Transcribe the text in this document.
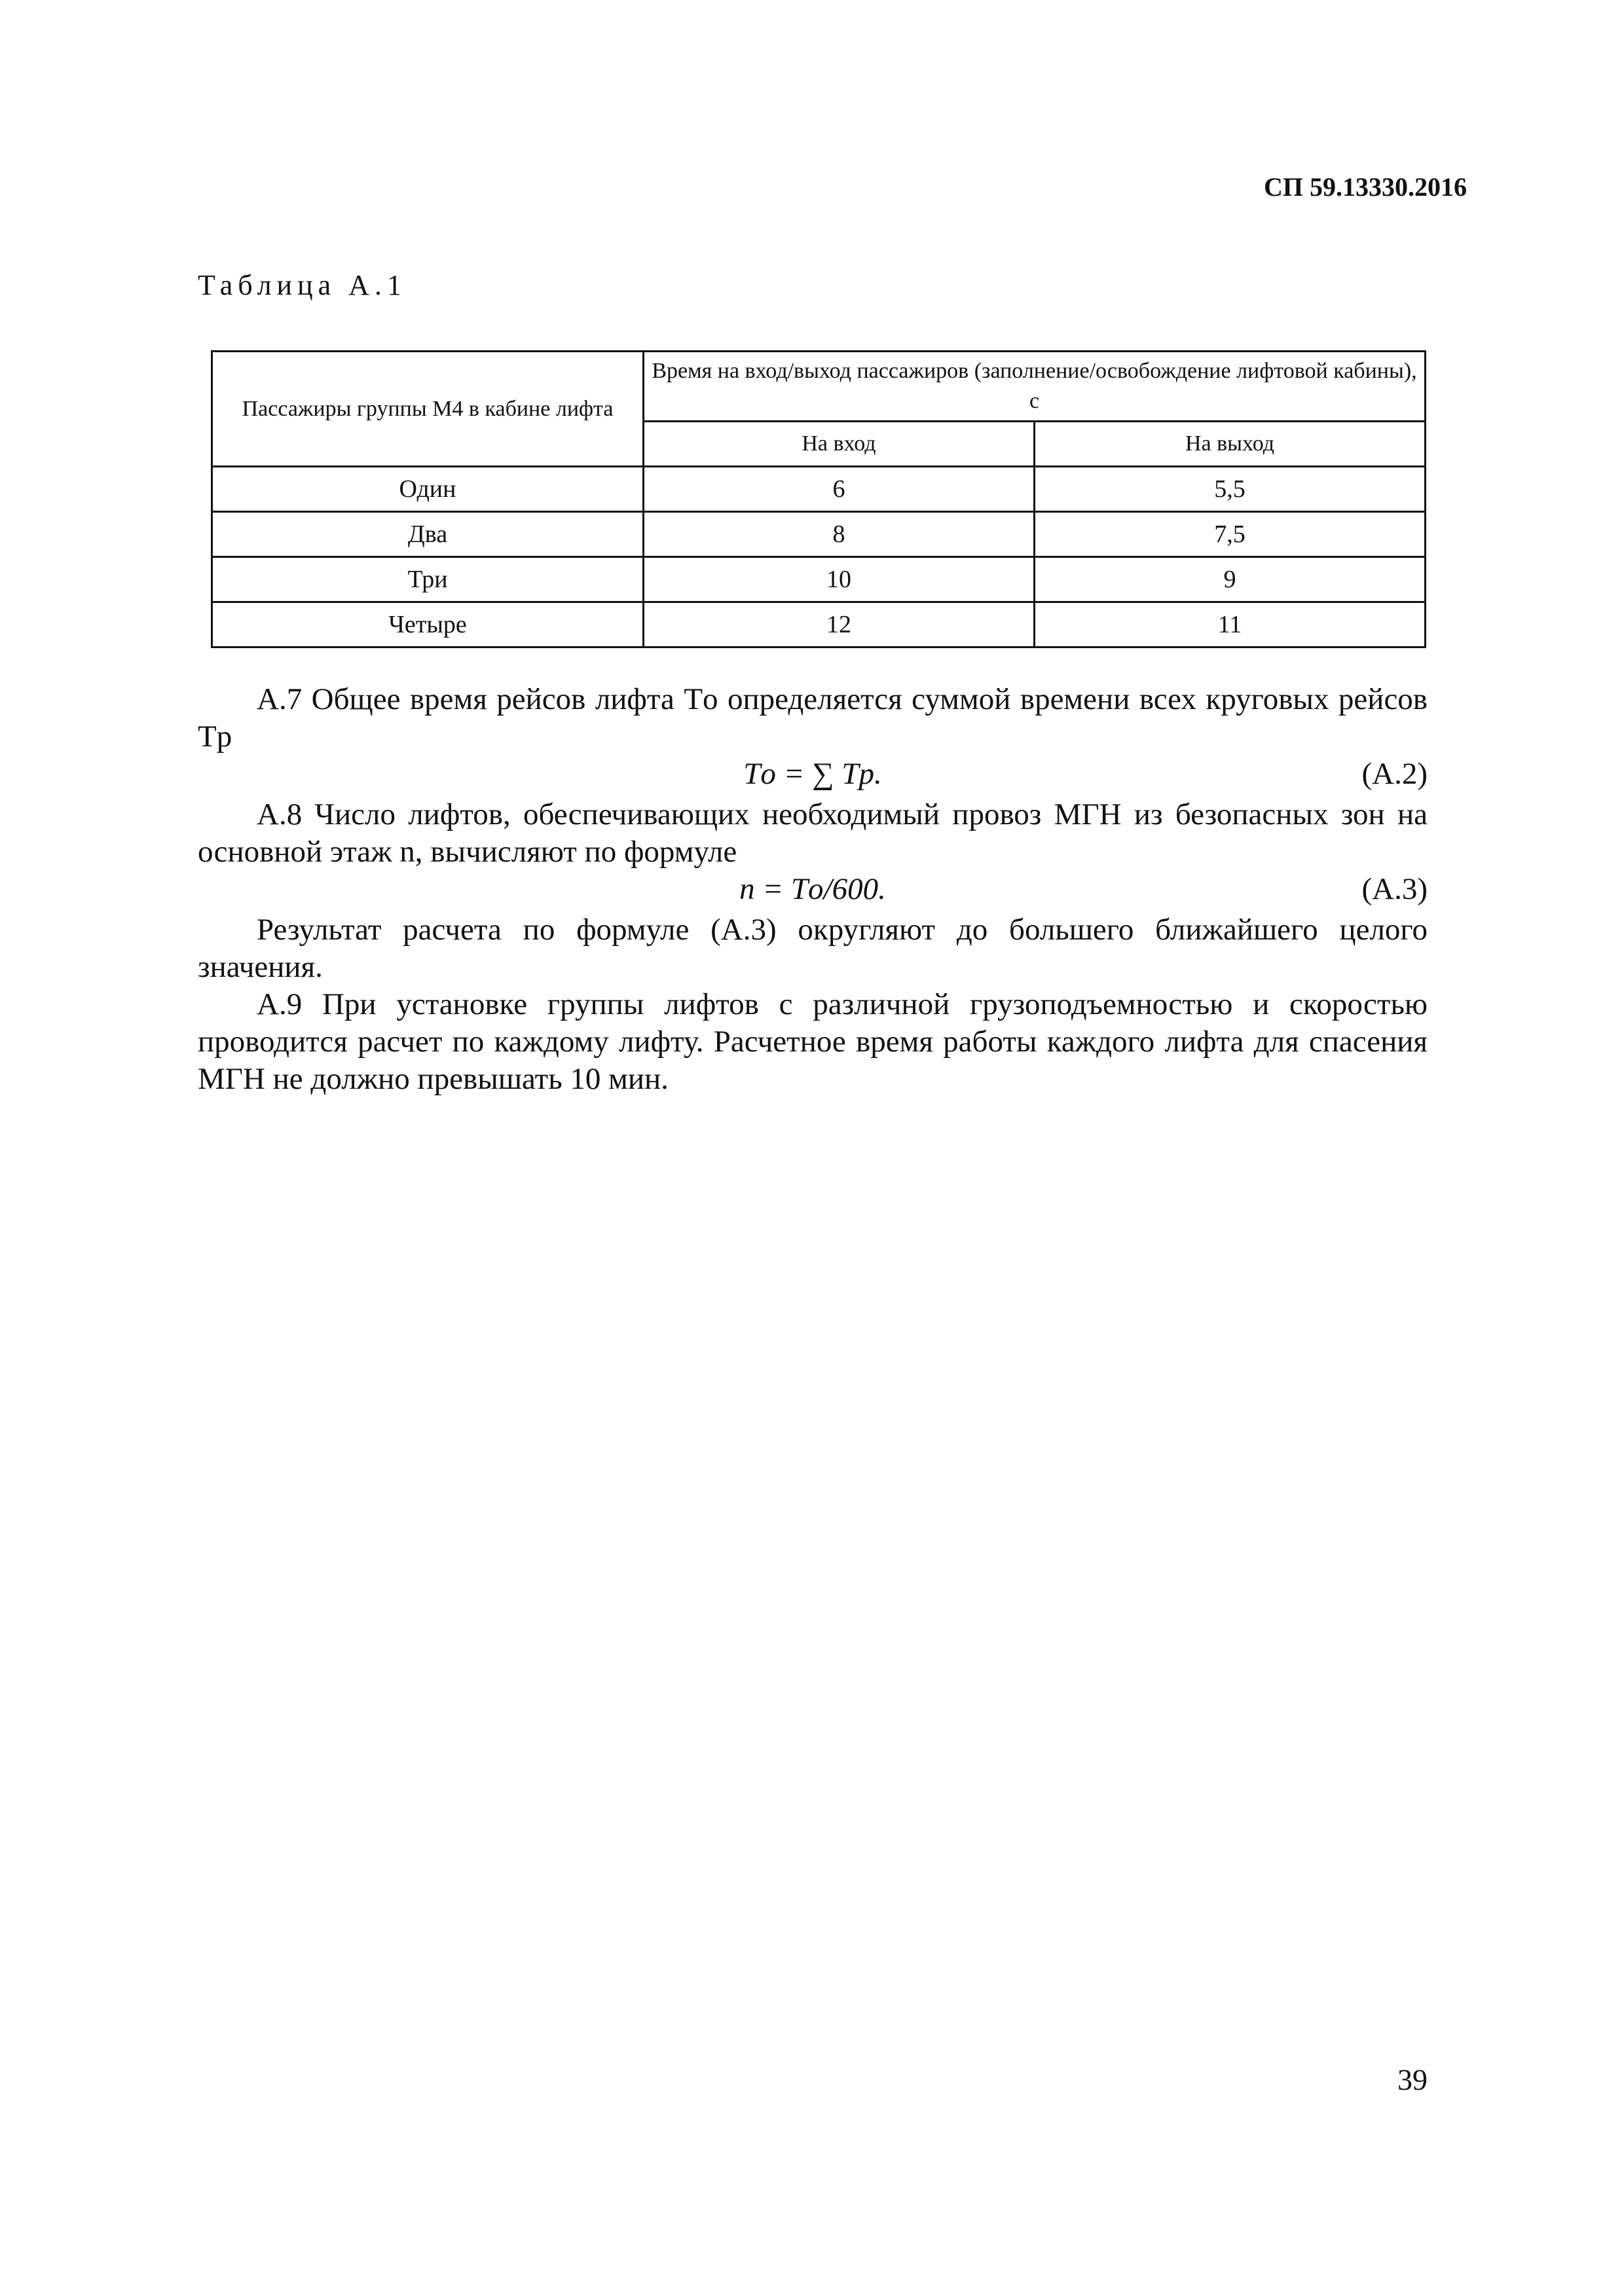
СП 59.13330.2016
Таблица А.1
Пассажиры группы М4 в кабине лифта	Время на вход/выход пассажиров (заполнение/освобождение лифтовой кабины), с	
	На вход	На выход
Один	6	5,5
Два	8	7,5
Три	10	9
Четыре	12	11

А.7 Общее время рейсов лифта Tо определяется суммой времени всех круговых рейсов Tр

Tо = ∑ Tр.	(А.2)

А.8 Число лифтов, обеспечивающих необходимый провоз МГН из безопасных зон на основной этаж n, вычисляют по формуле

n = Tо/600.	(А.3)

Результат расчета по формуле (А.3) округляют до большего ближайшего целого значения.

А.9 При установке группы лифтов с различной грузоподъемностью и скоростью проводится расчет по каждому лифту. Расчетное время работы каждого лифта для спасения МГН не должно превышать 10 мин.

39
